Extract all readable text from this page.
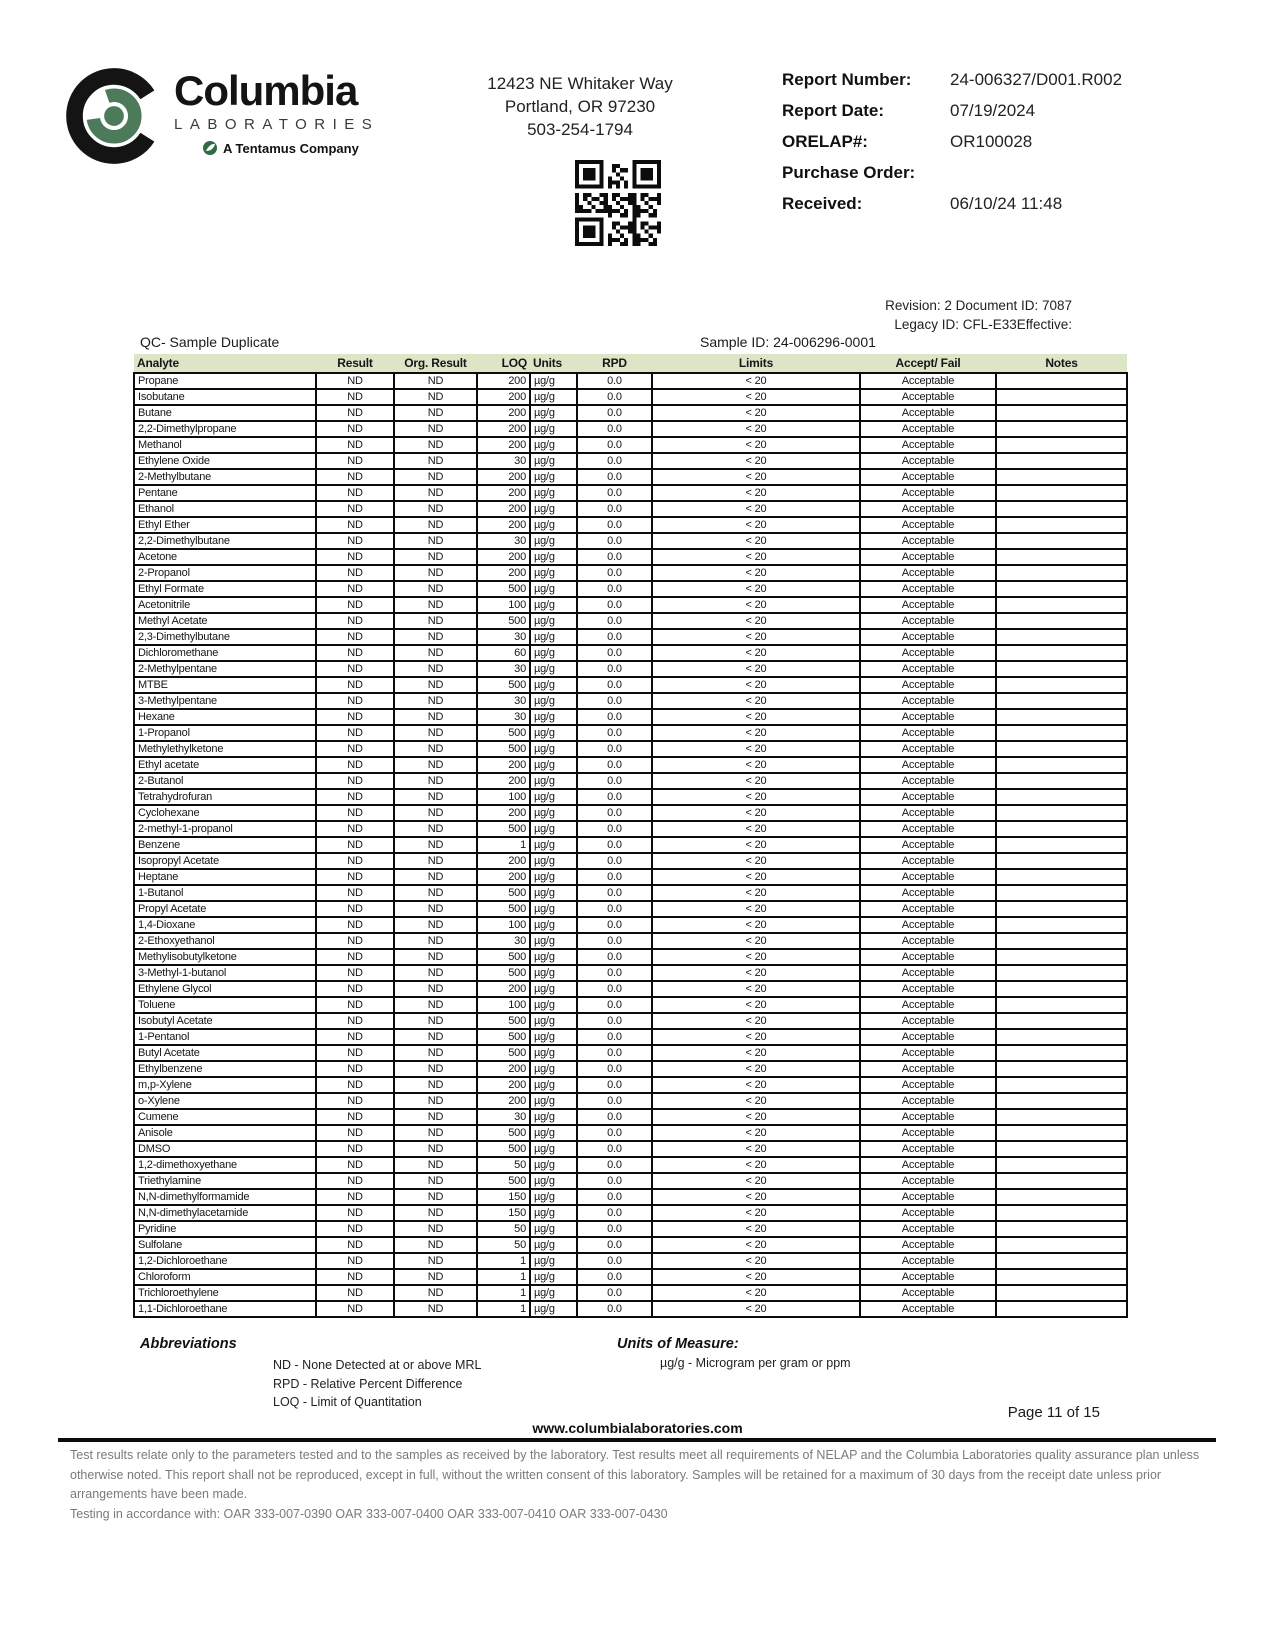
Columbia
LABORATORIES
A Tentamus Company
12423 NE Whitaker Way
Portland, OR 97230
503-254-1794
Report Number:	24-006327/D001.R002
Report Date:	07/19/2024
ORELAP#:	OR100028
Purchase Order:
Received:	06/10/24 11:48
Revision: 2 Document ID: 7087
Legacy ID: CFL-E33Effective:
QC- Sample Duplicate	Sample ID: 24-006296-0001
Analyte	Result	Org. Result	LOQ	Units	RPD	Limits	Accept/ Fail	Notes
Propane	ND	ND	200	µg/g	0.0	< 20	Acceptable	
Isobutane	ND	ND	200	µg/g	0.0	< 20	Acceptable	
Butane	ND	ND	200	µg/g	0.0	< 20	Acceptable	
2,2-Dimethylpropane	ND	ND	200	µg/g	0.0	< 20	Acceptable	
Methanol	ND	ND	200	µg/g	0.0	< 20	Acceptable	
Ethylene Oxide	ND	ND	30	µg/g	0.0	< 20	Acceptable	
2-Methylbutane	ND	ND	200	µg/g	0.0	< 20	Acceptable	
Pentane	ND	ND	200	µg/g	0.0	< 20	Acceptable	
Ethanol	ND	ND	200	µg/g	0.0	< 20	Acceptable	
Ethyl Ether	ND	ND	200	µg/g	0.0	< 20	Acceptable	
2,2-Dimethylbutane	ND	ND	30	µg/g	0.0	< 20	Acceptable	
Acetone	ND	ND	200	µg/g	0.0	< 20	Acceptable	
2-Propanol	ND	ND	200	µg/g	0.0	< 20	Acceptable	
Ethyl Formate	ND	ND	500	µg/g	0.0	< 20	Acceptable	
Acetonitrile	ND	ND	100	µg/g	0.0	< 20	Acceptable	
Methyl Acetate	ND	ND	500	µg/g	0.0	< 20	Acceptable	
2,3-Dimethylbutane	ND	ND	30	µg/g	0.0	< 20	Acceptable	
Dichloromethane	ND	ND	60	µg/g	0.0	< 20	Acceptable	
2-Methylpentane	ND	ND	30	µg/g	0.0	< 20	Acceptable	
MTBE	ND	ND	500	µg/g	0.0	< 20	Acceptable	
3-Methylpentane	ND	ND	30	µg/g	0.0	< 20	Acceptable	
Hexane	ND	ND	30	µg/g	0.0	< 20	Acceptable	
1-Propanol	ND	ND	500	µg/g	0.0	< 20	Acceptable	
Methylethylketone	ND	ND	500	µg/g	0.0	< 20	Acceptable	
Ethyl acetate	ND	ND	200	µg/g	0.0	< 20	Acceptable	
2-Butanol	ND	ND	200	µg/g	0.0	< 20	Acceptable	
Tetrahydrofuran	ND	ND	100	µg/g	0.0	< 20	Acceptable	
Cyclohexane	ND	ND	200	µg/g	0.0	< 20	Acceptable	
2-methyl-1-propanol	ND	ND	500	µg/g	0.0	< 20	Acceptable	
Benzene	ND	ND	1	µg/g	0.0	< 20	Acceptable	
Isopropyl Acetate	ND	ND	200	µg/g	0.0	< 20	Acceptable	
Heptane	ND	ND	200	µg/g	0.0	< 20	Acceptable	
1-Butanol	ND	ND	500	µg/g	0.0	< 20	Acceptable	
Propyl Acetate	ND	ND	500	µg/g	0.0	< 20	Acceptable	
1,4-Dioxane	ND	ND	100	µg/g	0.0	< 20	Acceptable	
2-Ethoxyethanol	ND	ND	30	µg/g	0.0	< 20	Acceptable	
Methylisobutylketone	ND	ND	500	µg/g	0.0	< 20	Acceptable	
3-Methyl-1-butanol	ND	ND	500	µg/g	0.0	< 20	Acceptable	
Ethylene Glycol	ND	ND	200	µg/g	0.0	< 20	Acceptable	
Toluene	ND	ND	100	µg/g	0.0	< 20	Acceptable	
Isobutyl Acetate	ND	ND	500	µg/g	0.0	< 20	Acceptable	
1-Pentanol	ND	ND	500	µg/g	0.0	< 20	Acceptable	
Butyl Acetate	ND	ND	500	µg/g	0.0	< 20	Acceptable	
Ethylbenzene	ND	ND	200	µg/g	0.0	< 20	Acceptable	
m,p-Xylene	ND	ND	200	µg/g	0.0	< 20	Acceptable	
o-Xylene	ND	ND	200	µg/g	0.0	< 20	Acceptable	
Cumene	ND	ND	30	µg/g	0.0	< 20	Acceptable	
Anisole	ND	ND	500	µg/g	0.0	< 20	Acceptable	
DMSO	ND	ND	500	µg/g	0.0	< 20	Acceptable	
1,2-dimethoxyethane	ND	ND	50	µg/g	0.0	< 20	Acceptable	
Triethylamine	ND	ND	500	µg/g	0.0	< 20	Acceptable	
N,N-dimethylformamide	ND	ND	150	µg/g	0.0	< 20	Acceptable	
N,N-dimethylacetamide	ND	ND	150	µg/g	0.0	< 20	Acceptable	
Pyridine	ND	ND	50	µg/g	0.0	< 20	Acceptable	
Sulfolane	ND	ND	50	µg/g	0.0	< 20	Acceptable	
1,2-Dichloroethane	ND	ND	1	µg/g	0.0	< 20	Acceptable	
Chloroform	ND	ND	1	µg/g	0.0	< 20	Acceptable	
Trichloroethylene	ND	ND	1	µg/g	0.0	< 20	Acceptable	
1,1-Dichloroethane	ND	ND	1	µg/g	0.0	< 20	Acceptable	
Abbreviations	Units of Measure:
ND - None Detected at or above MRL
RPD - Relative Percent Difference
LOQ - Limit of Quantitation
µg/g - Microgram per gram or ppm
Page 11 of 15
www.columbialaboratories.com
Test results relate only to the parameters tested and to the samples as received by the laboratory. Test results meet all requirements of NELAP and the Columbia Laboratories quality assurance plan unless otherwise noted. This report shall not be reproduced, except in full, without the written consent of this laboratory. Samples will be retained for a maximum of 30 days from the receipt date unless prior arrangements have been made.
Testing in accordance with: OAR 333-007-0390 OAR 333-007-0400 OAR 333-007-0410 OAR 333-007-0430
